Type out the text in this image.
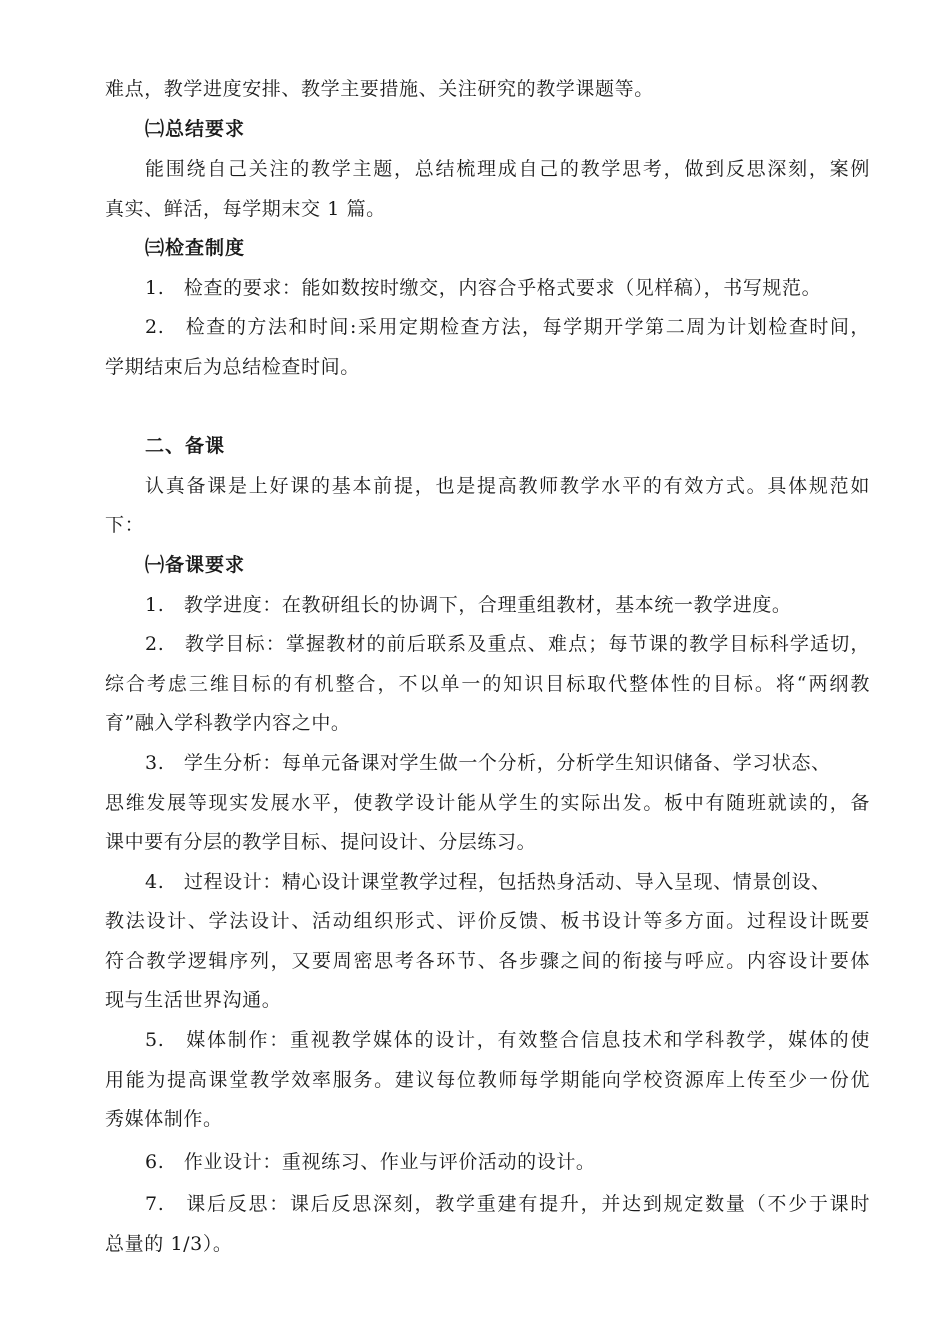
难点，教学进度安排、教学主要措施、关注研究的教学课题等。
㈡总结要求
能围绕自己关注的教学主题，总结梳理成自己的教学思考，做到反思深刻，案例
真实、鲜活，每学期末交 1 篇。
㈢检查制度
1.　检查的要求：能如数按时缴交，内容合乎格式要求（见样稿），书写规范。
2.　检查的方法和时间:采用定期检查方法，每学期开学第二周为计划检查时间，
学期结束后为总结检查时间。
二、备课
认真备课是上好课的基本前提，也是提高教师教学水平的有效方式。具体规范如
下：
㈠备课要求
1.　教学进度：在教研组长的协调下，合理重组教材，基本统一教学进度。
2.　教学目标：掌握教材的前后联系及重点、难点；每节课的教学目标科学适切，
综合考虑三维目标的有机整合，不以单一的知识目标取代整体性的目标。将“两纲教
育”融入学科教学内容之中。
3.　学生分析：每单元备课对学生做一个分析，分析学生知识储备、学习状态、
思维发展等现实发展水平，使教学设计能从学生的实际出发。板中有随班就读的，备
课中要有分层的教学目标、提问设计、分层练习。
4.　过程设计：精心设计课堂教学过程，包括热身活动、导入呈现、情景创设、
教法设计、学法设计、活动组织形式、评价反馈、板书设计等多方面。过程设计既要
符合教学逻辑序列，又要周密思考各环节、各步骤之间的衔接与呼应。内容设计要体
现与生活世界沟通。
5.　媒体制作：重视教学媒体的设计，有效整合信息技术和学科教学，媒体的使
用能为提高课堂教学效率服务。建议每位教师每学期能向学校资源库上传至少一份优
秀媒体制作。
6.　作业设计：重视练习、作业与评价活动的设计。
7.　课后反思：课后反思深刻，教学重建有提升，并达到规定数量（不少于课时
总量的 1/3）。
